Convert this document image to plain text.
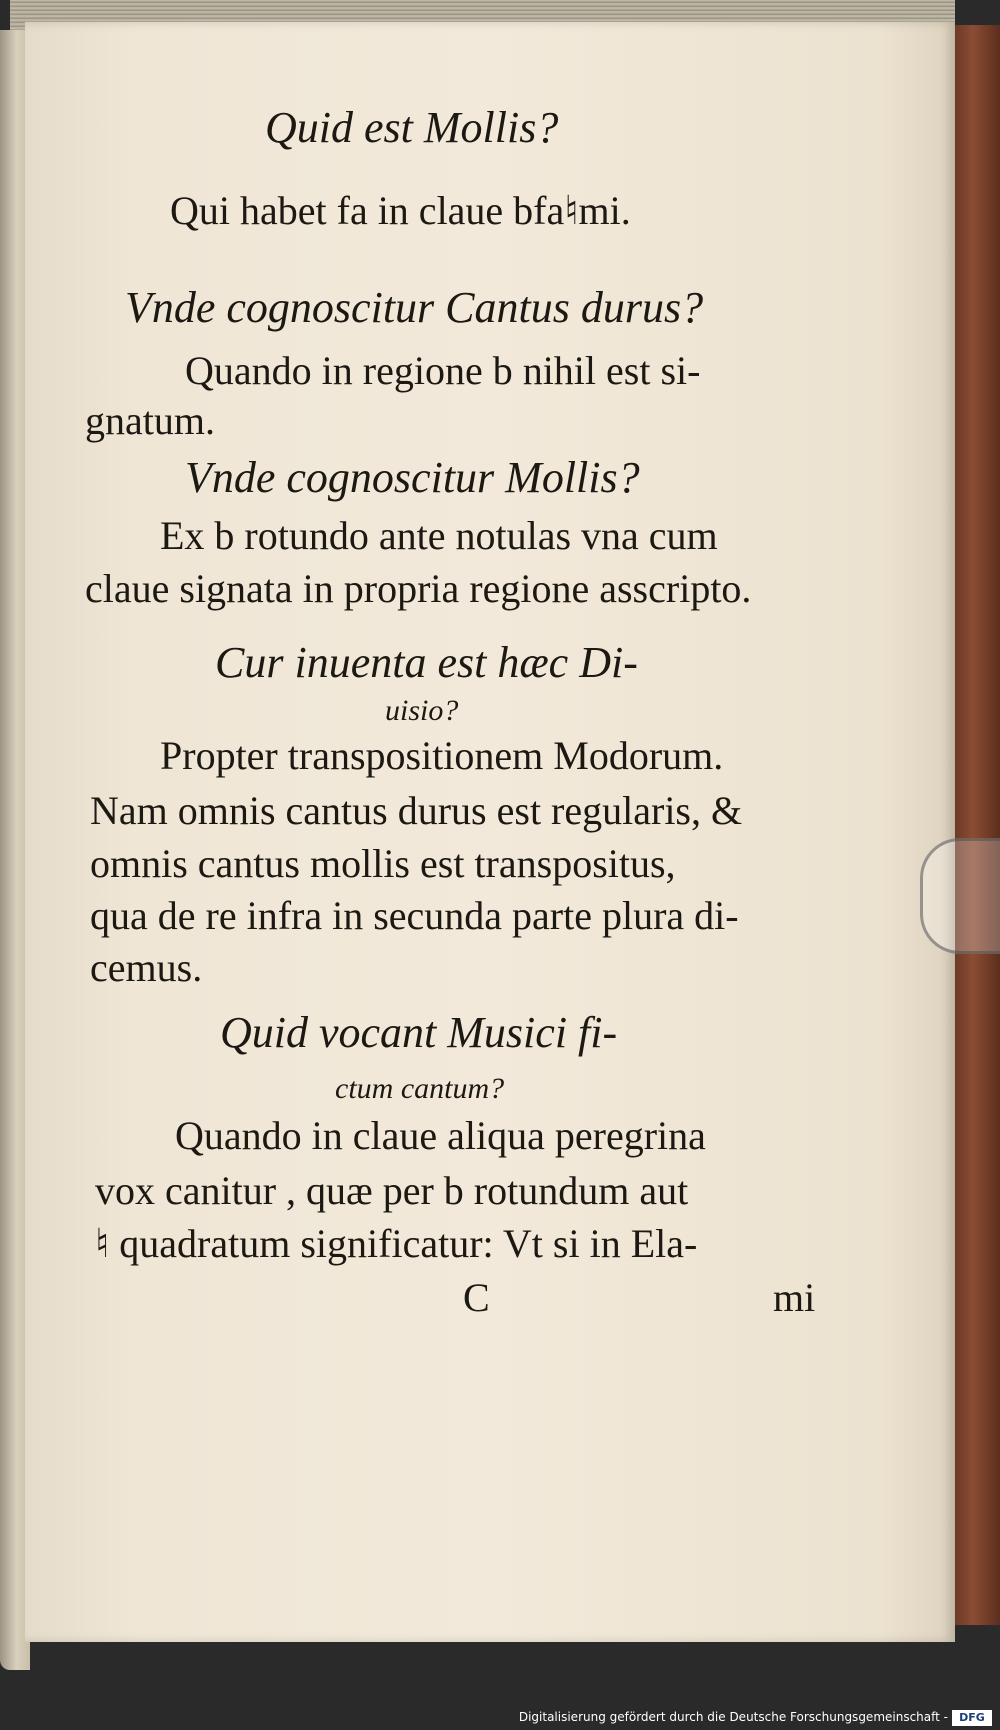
Quid est Mollis?
Qui habet fa in claue bfa♮mi.
Vnde cognoscitur Cantus durus?
Quando in regione b nihil est si-
gnatum.
Vnde cognoscitur Mollis?
Ex b rotundo ante notulas vna cum
claue signata in propria regione asscripto.
Cur inuenta est hæc Di-
uisio?
Propter transpositionem Modorum.
Nam omnis cantus durus est regularis, &
omnis cantus mollis est transpositus,
qua de re infra in secunda parte plura di-
cemus.
Quid vocant Musici fi-
ctum cantum?
Quando in claue aliqua peregrina
vox canitur , quæ per b rotundum aut
♮ quadratum significatur: Vt si in Ela-
C	mi
Digitalisierung gefördert durch die Deutsche Forschungsgemeinschaft -	DFG
